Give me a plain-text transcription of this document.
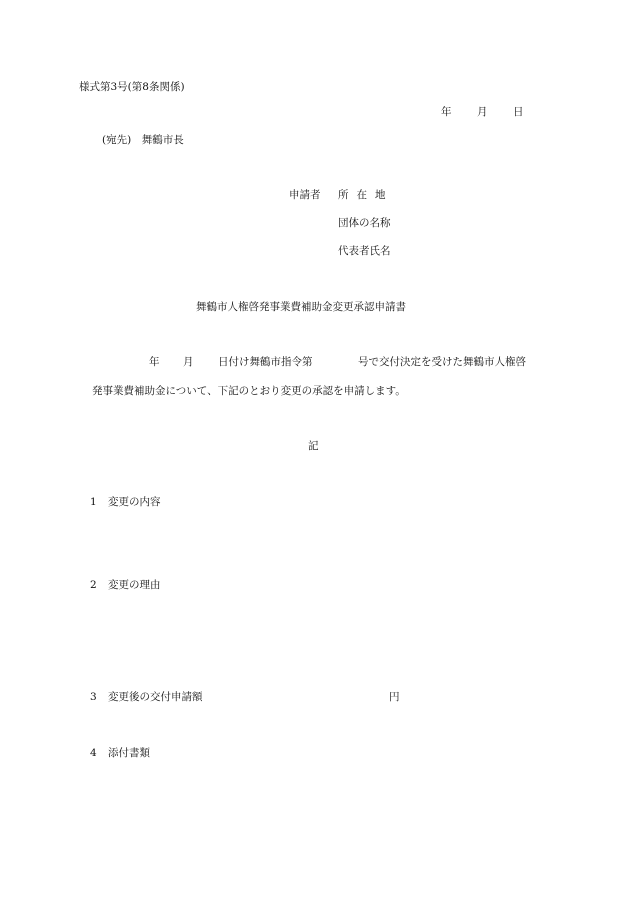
様式第3号(第8条関係)
年 月 日
(宛先)　舞鶴市長
申請者 所在地
団体の名称
代表者氏名
舞鶴市人権啓発事業費補助金変更承認申請書
年 月 日付け舞鶴市指令第	号で交付決定を受けた舞鶴市人権啓
発事業費補助金について、下記のとおり変更の承認を申請します。
記
1 変更の内容
2 変更の理由
3 変更後の交付申請額	円
4 添付書類
